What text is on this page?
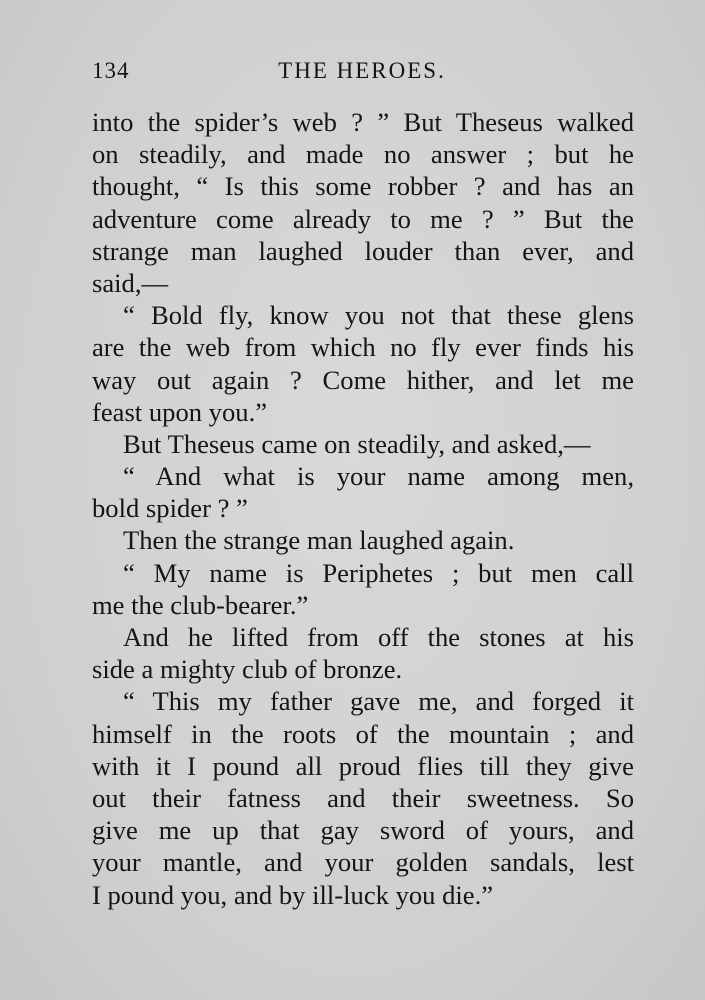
134	THE HEROES.
into the spider’s web ? ” But Theseus walked
on steadily, and made no answer ; but he
thought, “ Is this some robber ? and has an
adventure come already to me ? ” But the
strange man laughed louder than ever, and
said,—
“ Bold fly, know you not that these glens
are the web from which no fly ever finds his
way out again ? Come hither, and let me
feast upon you.”
But Theseus came on steadily, and asked,—
“ And what is your name among men,
bold spider ? ”
Then the strange man laughed again.
“ My name is Periphetes ; but men call
me the club-bearer.”
And he lifted from off the stones at his
side a mighty club of bronze.
“ This my father gave me, and forged it
himself in the roots of the mountain ; and
with it I pound all proud flies till they give
out their fatness and their sweetness. So
give me up that gay sword of yours, and
your mantle, and your golden sandals, lest
I pound you, and by ill-luck you die.”
